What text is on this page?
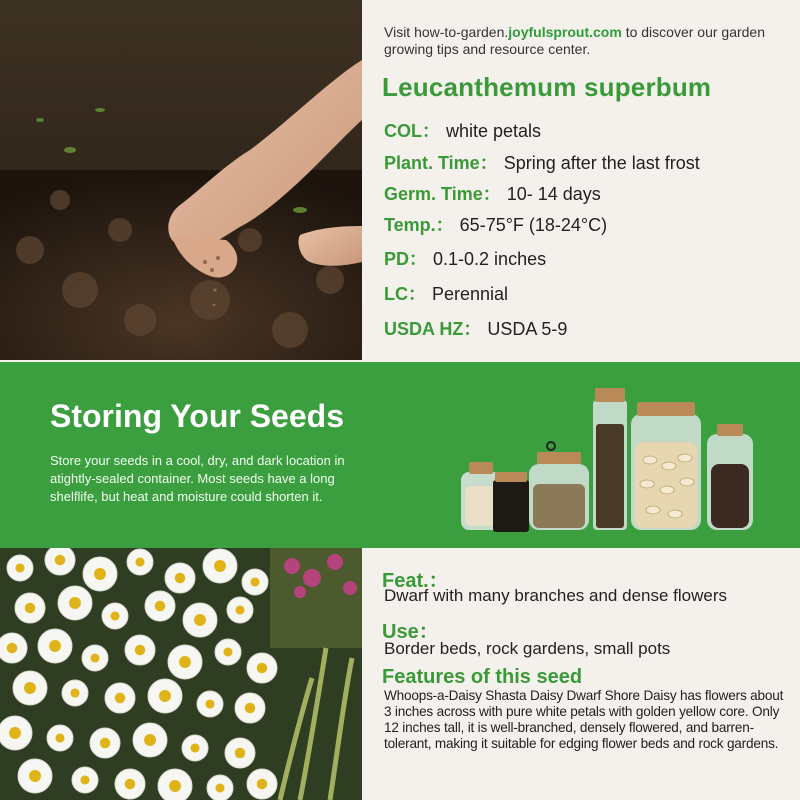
Visit how-to-garden.joyfulsprout.com to discover our garden growing tips and resource center.
Leucanthemum superbum
COL： white petals
Plant. Time： Spring after the last frost
Germ. Time： 10- 14 days
Temp.： 65-75°F (18-24°C)
PD： 0.1-0.2 inches
LC： Perennial
USDA HZ： USDA 5-9
Storing Your Seeds
Store your seeds in a cool, dry, and dark location in atightly-sealed container. Most seeds have a long shelflife, but heat and moisture could shorten it.
Feat.：
Dwarf with many branches and dense flowers
Use：
Border beds, rock gardens, small pots
Features of this seed
Whoops-a-Daisy Shasta Daisy Dwarf Shore Daisy has flowers about 3 inches across with pure white petals with golden yellow core. Only 12 inches tall, it is well-branched, densely flowered, and barren-tolerant, making it suitable for edging flower beds and rock gardens.
